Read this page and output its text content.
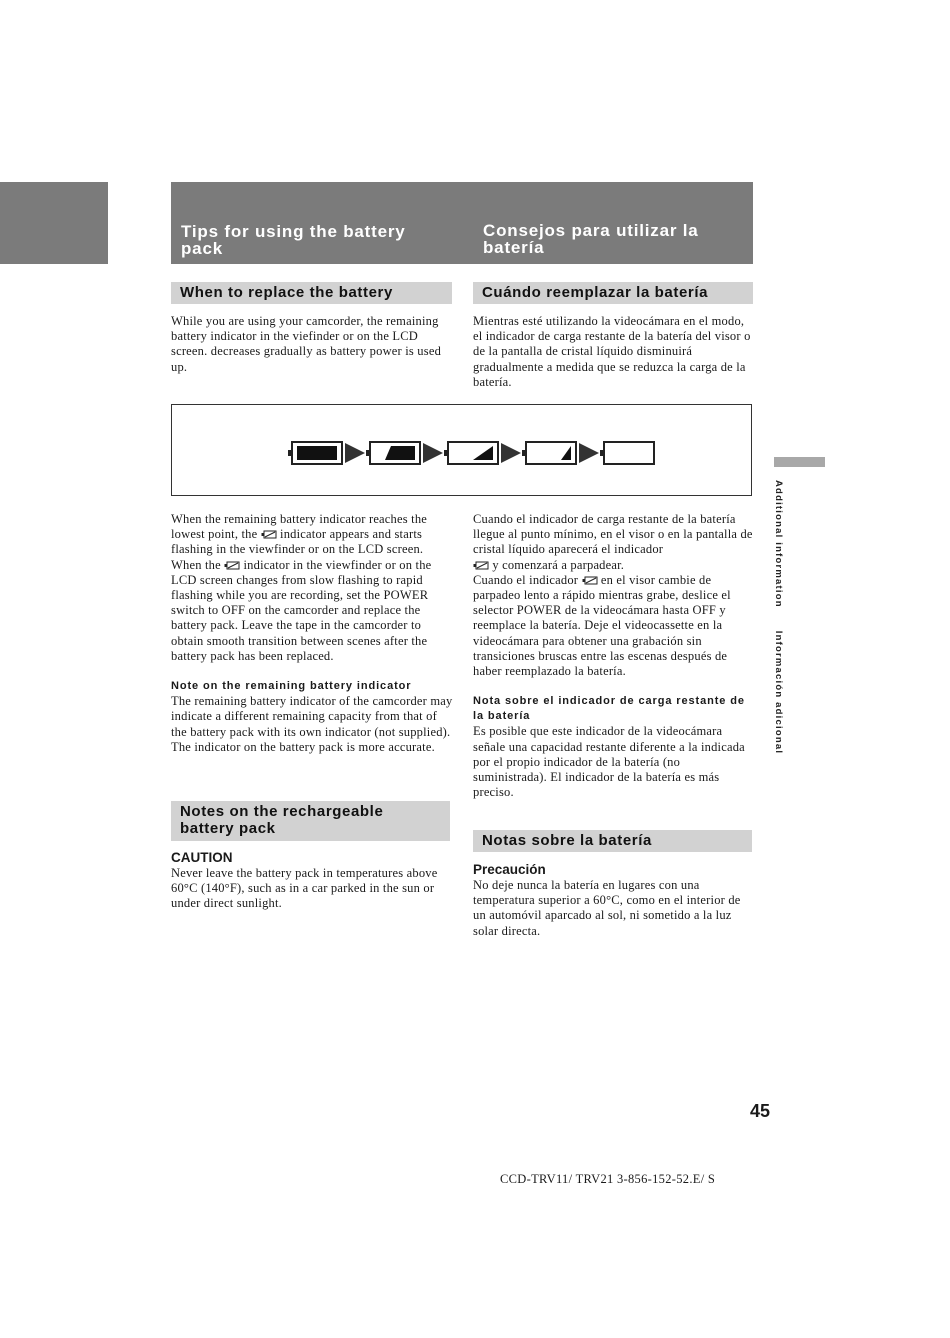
Tips for using the battery pack
Consejos para utilizar la batería
When to replace the battery	Cuándo reemplazar la batería
While you are using your camcorder, the remaining battery indicator in the viefinder or on the LCD screen. decreases gradually as battery power is used up.
Mientras esté utilizando la videocámara en el modo, el indicador de carga restante de la batería del visor o de la pantalla de cristal líquido disminuirá gradualmente a medida que se reduzca la carga de la batería.
Additional information      Información adicional
When the remaining battery indicator reaches the lowest point, the indicator appears and starts flashing in the viewfinder or on the LCD screen.
When the indicator in the viewfinder or on the LCD screen changes from slow flashing to rapid flashing while you are recording, set the POWER switch to OFF on the camcorder and replace the battery pack. Leave the tape in the camcorder to obtain smooth transition between scenes after the battery pack has been replaced.
Note on the remaining battery indicator
The remaining battery indicator of the camcorder may indicate a different remaining capacity from that of the battery pack with its own indicator (not supplied). The indicator on the battery pack is more accurate.
Cuando el indicador de carga restante de la batería llegue al punto mínimo, en el visor o en la pantalla de cristal líquido aparecerá el indicador
y comenzará a parpadear.
Cuando el indicador en el visor cambie de parpadeo lento a rápido mientras grabe, deslice el selector POWER de la videocámara hasta OFF y reemplace la batería. Deje el videocassette en la videocámara para obtener una grabación sin transiciones bruscas entre las escenas después de haber reemplazado la batería.
Nota sobre el indicador de carga restante de la batería
Es posible que este indicador de la videocámara señale una capacidad restante diferente a la indicada por el propio indicador de la batería (no suministrada). El indicador de la batería es más preciso.
Notes on the rechargeable battery pack
Notas sobre la batería
CAUTION
Never leave the battery pack in temperatures above 60°C (140°F), such as in a car parked in the sun or under direct sunlight.
Precaución
No deje nunca la batería en lugares con una temperatura superior a 60°C, como en el interior de un automóvil aparcado al sol, ni sometido a la luz solar directa.
45
CCD-TRV11/ TRV21 3-856-152-52.E/ S
